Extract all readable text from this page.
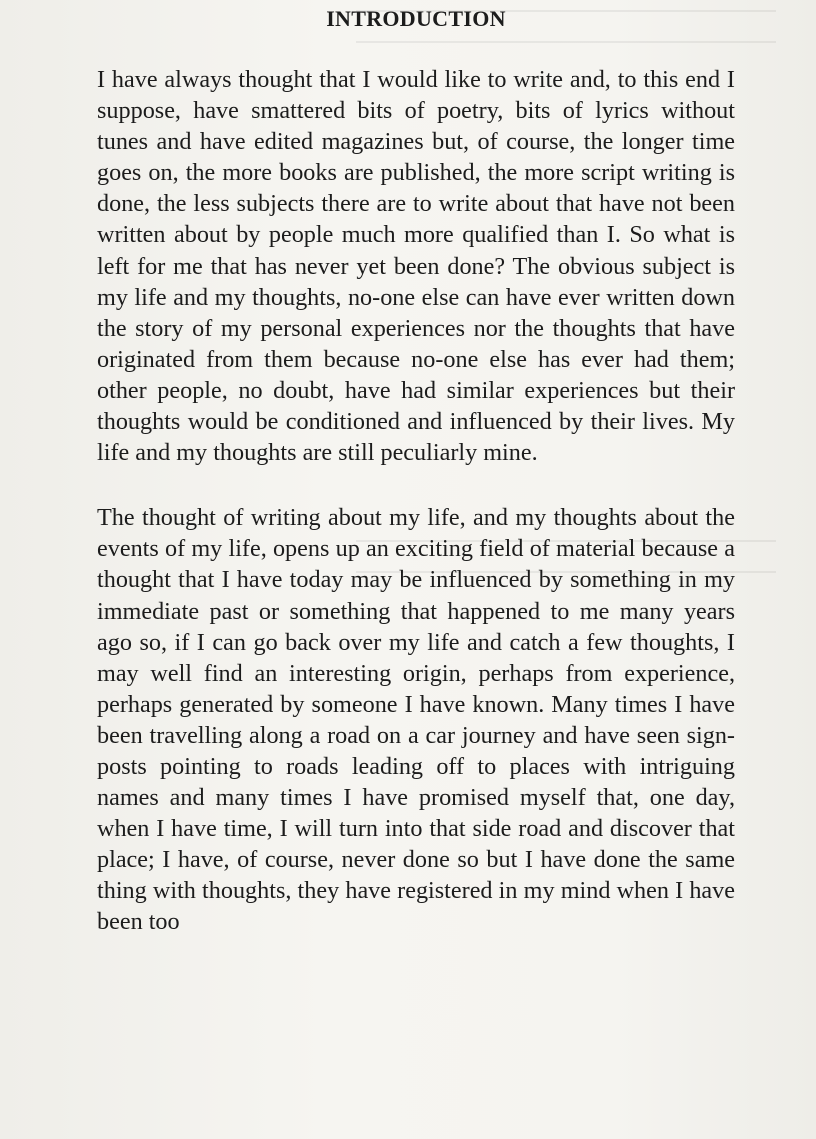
INTRODUCTION

I have always thought that I would like to write and, to this end I suppose, have smattered bits of poetry, bits of lyrics without tunes and have edited magazines but, of course, the longer time goes on, the more books are published, the more script writing is done, the less subjects there are to write about that have not been written about by people much more qualified than I. So what is left for me that has never yet been done? The obvious subject is my life and my thoughts, no-one else can have ever written down the story of my personal experiences nor the thoughts that have originated from them because no-one else has ever had them; other people, no doubt, have had similar experiences but their thoughts would be conditioned and influenced by their lives. My life and my thoughts are still peculiarly mine.

The thought of writing about my life, and my thoughts about the events of my life, opens up an exciting field of material because a thought that I have today may be influenced by something in my immediate past or something that happened to me many years ago so, if I can go back over my life and catch a few thoughts, I may well find an interesting origin, perhaps from experience, perhaps generated by someone I have known. Many times I have been travelling along a road on a car journey and have seen sign-posts pointing to roads leading off to places with intriguing names and many times I have promised myself that, one day, when I have time, I will turn into that side road and discover that place; I have, of course, never done so but I have done the same thing with thoughts, they have registered in my mind when I have been too
